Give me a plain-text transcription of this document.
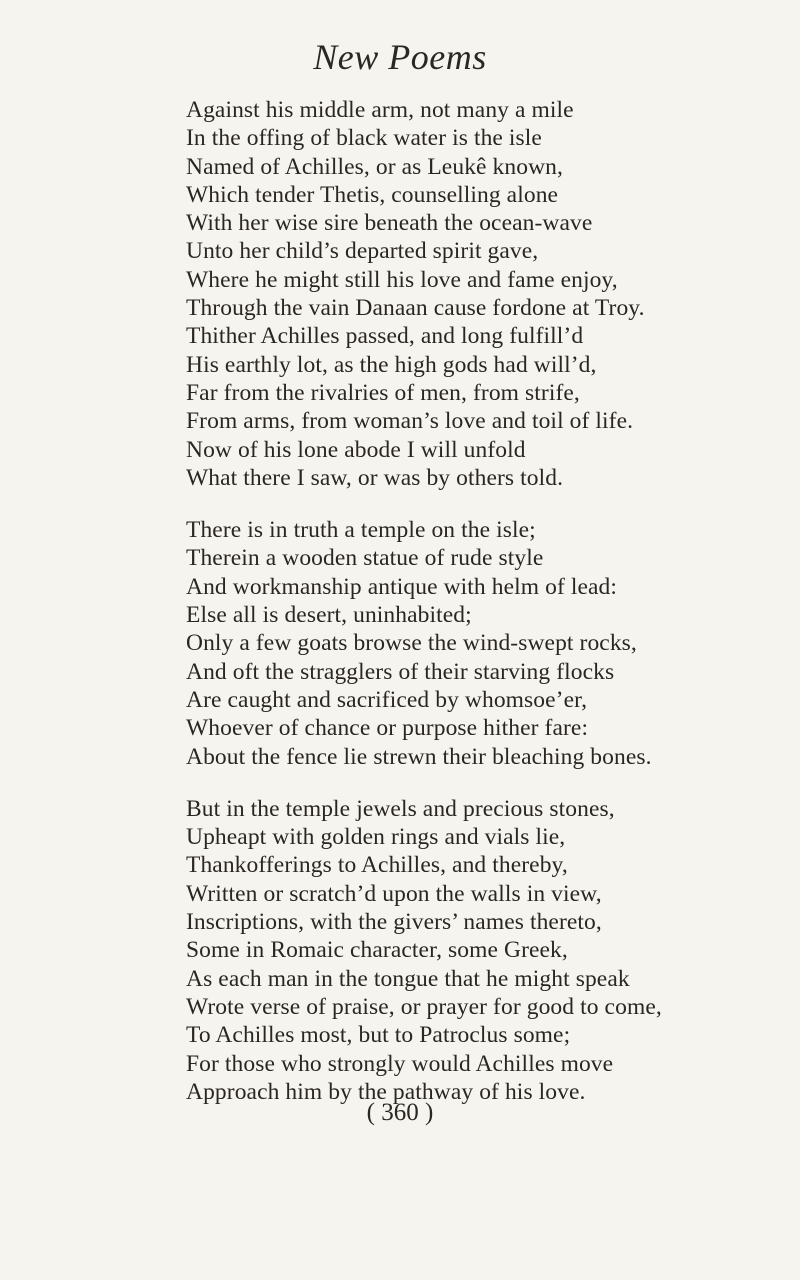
New Poems
Against his middle arm, not many a mile
In the offing of black water is the isle
Named of Achilles, or as Leukê known,
Which tender Thetis, counselling alone
With her wise sire beneath the ocean-wave
Unto her child’s departed spirit gave,
Where he might still his love and fame enjoy,
Through the vain Danaan cause fordone at Troy.
Thither Achilles passed, and long fulfill’d
His earthly lot, as the high gods had will’d,
Far from the rivalries of men, from strife,
From arms, from woman’s love and toil of life.
Now of his lone abode I will unfold
What there I saw, or was by others told.
There is in truth a temple on the isle;
Therein a wooden statue of rude style
And workmanship antique with helm of lead:
Else all is desert, uninhabited;
Only a few goats browse the wind-swept rocks,
And oft the stragglers of their starving flocks
Are caught and sacrificed by whomsoe’er,
Whoever of chance or purpose hither fare:
About the fence lie strewn their bleaching bones.
But in the temple jewels and precious stones,
Upheapt with golden rings and vials lie,
Thankofferings to Achilles, and thereby,
Written or scratch’d upon the walls in view,
Inscriptions, with the givers’ names thereto,
Some in Romaic character, some Greek,
As each man in the tongue that he might speak
Wrote verse of praise, or prayer for good to come,
To Achilles most, but to Patroclus some;
For those who strongly would Achilles move
Approach him by the pathway of his love.
( 360 )
